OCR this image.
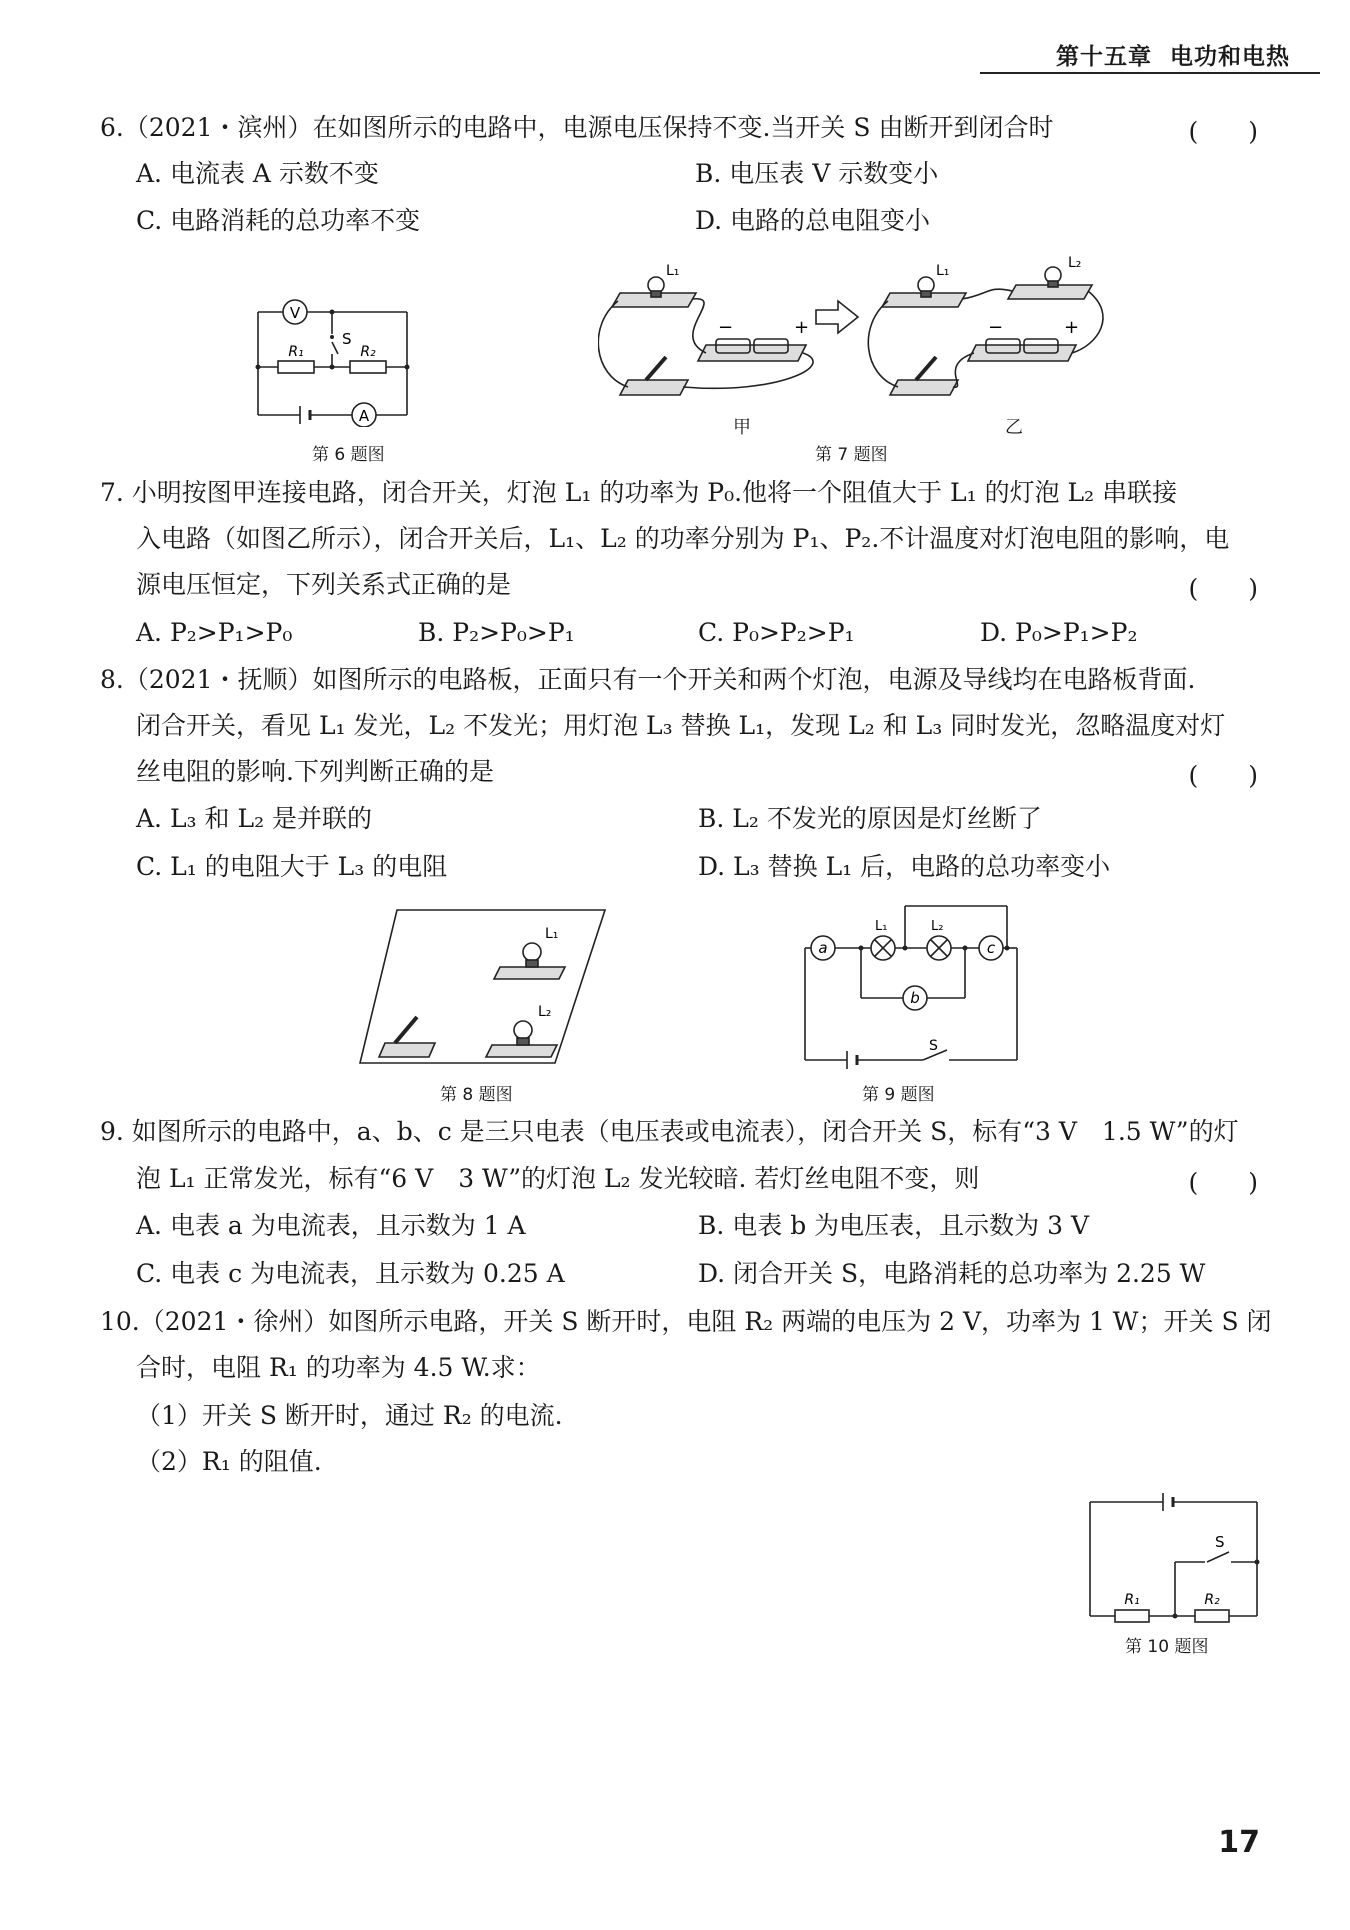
第十五章 电功和电热
6.（2021・滨州）在如图所示的电路中，电源电压保持不变.当开关 S 由断开到闭合时	(　　)
A. 电流表 A 示数不变	B. 电压表 V 示数变小
C. 电路消耗的总功率不变	D. 电路的总电阻变小
V
A
S
R₁	R₂
第 6 题图
L₁	L₁	L₂
−	+	−	+
甲	乙
第 7 题图
7. 小明按图甲连接电路，闭合开关，灯泡 L₁ 的功率为 P₀.他将一个阻值大于 L₁ 的灯泡 L₂ 串联接
入电路（如图乙所示），闭合开关后，L₁、L₂ 的功率分别为 P₁、P₂.不计温度对灯泡电阻的影响，电
源电压恒定，下列关系式正确的是	(　　)
A. P₂>P₁>P₀	B. P₂>P₀>P₁	C. P₀>P₂>P₁	D. P₀>P₁>P₂
8.（2021・抚顺）如图所示的电路板，正面只有一个开关和两个灯泡，电源及导线均在电路板背面.
闭合开关，看见 L₁ 发光，L₂ 不发光；用灯泡 L₃ 替换 L₁，发现 L₂ 和 L₃ 同时发光，忽略温度对灯
丝电阻的影响.下列判断正确的是	(　　)
A. L₃ 和 L₂ 是并联的	B. L₂ 不发光的原因是灯丝断了
C. L₁ 的电阻大于 L₃ 的电阻	D. L₃ 替换 L₁ 后，电路的总功率变小
L₁
L₂
第 8 题图
a
b
c
L₁	L₂
S
第 9 题图
9. 如图所示的电路中，a、b、c 是三只电表（电压表或电流表），闭合开关 S，标有“3 V　1.5 W”的灯
泡 L₁ 正常发光，标有“6 V　3 W”的灯泡 L₂ 发光较暗. 若灯丝电阻不变，则	(　　)
A. 电表 a 为电流表，且示数为 1 A	B. 电表 b 为电压表，且示数为 3 V
C. 电表 c 为电流表，且示数为 0.25 A	D. 闭合开关 S，电路消耗的总功率为 2.25 W
10.（2021・徐州）如图所示电路，开关 S 断开时，电阻 R₂ 两端的电压为 2 V，功率为 1 W；开关 S 闭
合时，电阻 R₁ 的功率为 4.5 W.求：
（1）开关 S 断开时，通过 R₂ 的电流.
（2）R₁ 的阻值.
S
R₁	R₂
第 10 题图
17
